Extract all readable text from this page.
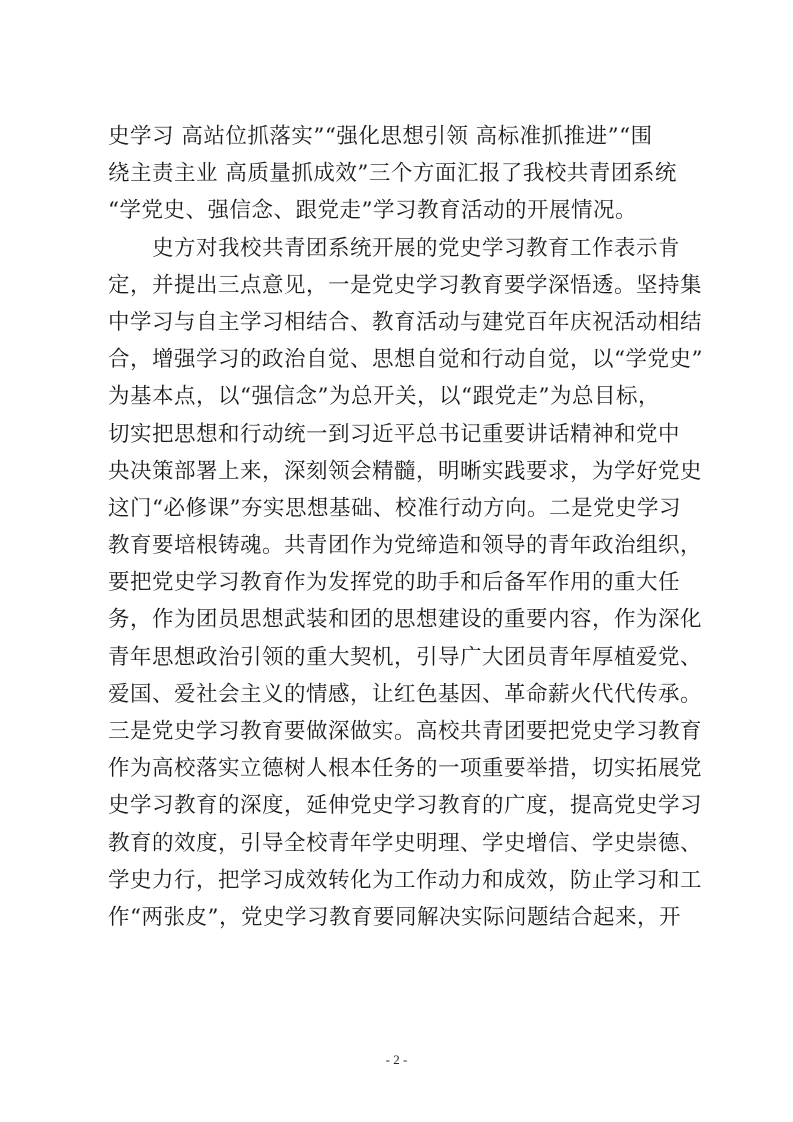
史学习 高站位抓落实”“强化思想引领 高标准抓推进”“围
绕主责主业 高质量抓成效”三个方面汇报了我校共青团系统
“学党史、强信念、跟党走”学习教育活动的开展情况。
　　史方对我校共青团系统开展的党史学习教育工作表示肯
定，并提出三点意见，一是党史学习教育要学深悟透。坚持集
中学习与自主学习相结合、教育活动与建党百年庆祝活动相结
合，增强学习的政治自觉、思想自觉和行动自觉，以“学党史”
为基本点，以“强信念”为总开关，以“跟党走”为总目标，
切实把思想和行动统一到习近平总书记重要讲话精神和党中
央决策部署上来，深刻领会精髓，明晰实践要求，为学好党史
这门“必修课”夯实思想基础、校准行动方向。二是党史学习
教育要培根铸魂。共青团作为党缔造和领导的青年政治组织，
要把党史学习教育作为发挥党的助手和后备军作用的重大任
务，作为团员思想武装和团的思想建设的重要内容，作为深化
青年思想政治引领的重大契机，引导广大团员青年厚植爱党、
爱国、爱社会主义的情感，让红色基因、革命薪火代代传承。
三是党史学习教育要做深做实。高校共青团要把党史学习教育
作为高校落实立德树人根本任务的一项重要举措，切实拓展党
史学习教育的深度，延伸党史学习教育的广度，提高党史学习
教育的效度，引导全校青年学史明理、学史增信、学史崇德、
学史力行，把学习成效转化为工作动力和成效，防止学习和工
作“两张皮”，党史学习教育要同解决实际问题结合起来，开
- 2 -
